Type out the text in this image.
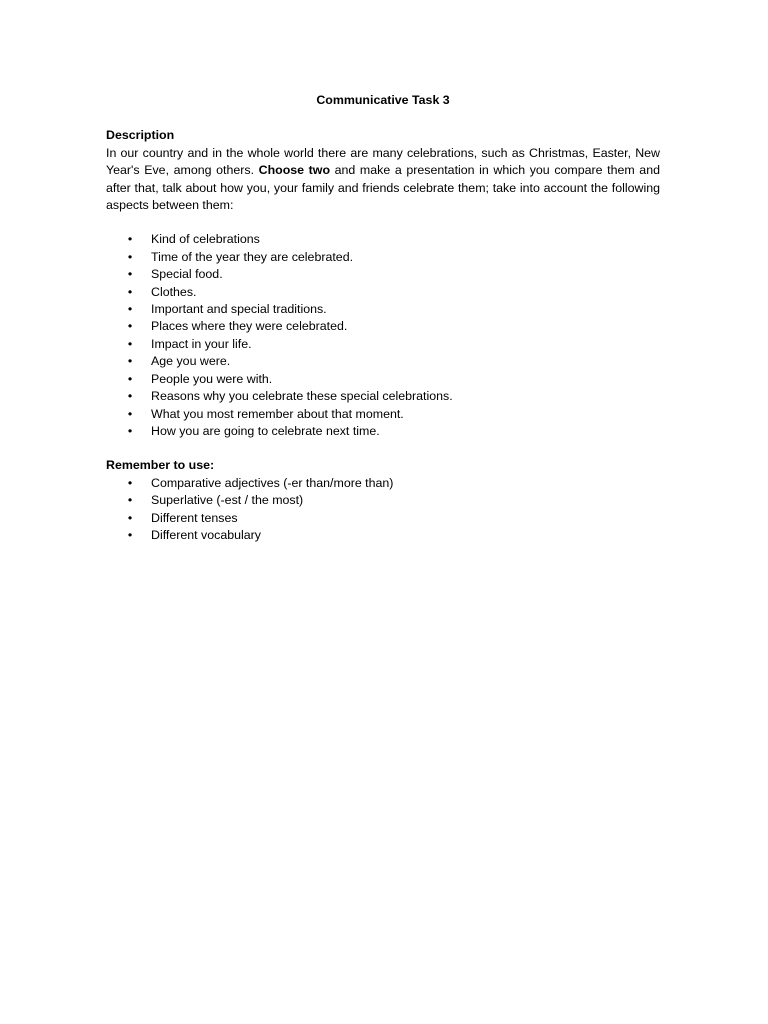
Communicative Task 3

Description

In our country and in the whole world there are many celebrations, such as Christmas, Easter, New Year's Eve, among others. Choose two and make a presentation in which you compare them and after that, talk about how you, your family and friends celebrate them; take into account the following aspects between them:

• Kind of celebrations
• Time of the year they are celebrated.
• Special food.
• Clothes.
• Important and special traditions.
• Places where they were celebrated.
• Impact in your life.
• Age you were.
• People you were with.
• Reasons why you celebrate these special celebrations.
• What you most remember about that moment.
• How you are going to celebrate next time.

Remember to use:

• Comparative adjectives (-er than/more than)
• Superlative (-est / the most)
• Different tenses
• Different vocabulary
